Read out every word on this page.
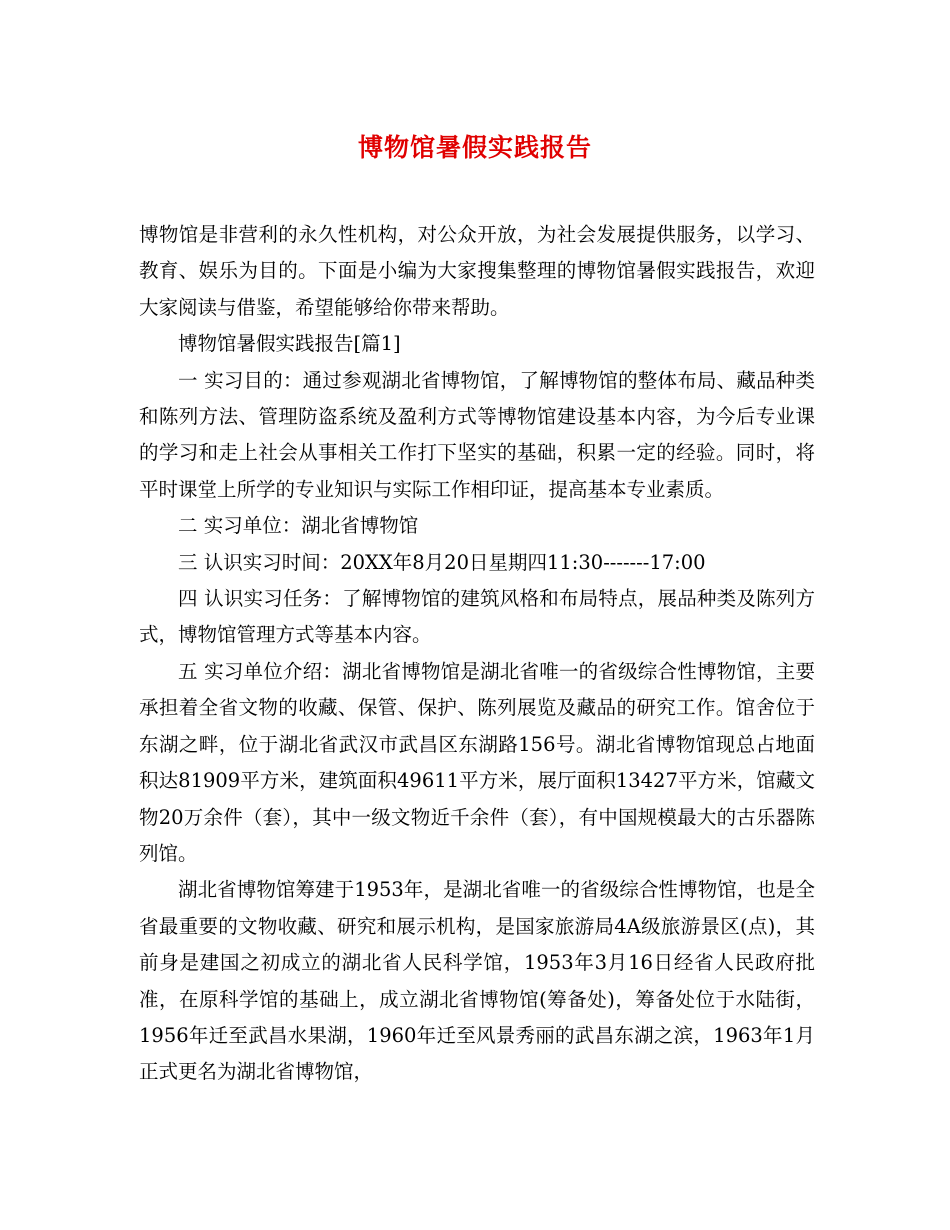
博物馆暑假实践报告

博物馆是非营利的永久性机构，对公众开放，为社会发展提供服务，以学习、教育、娱乐为目的。下面是小编为大家搜集整理的博物馆暑假实践报告，欢迎大家阅读与借鉴，希望能够给你带来帮助。

博物馆暑假实践报告[篇1]

一 实习目的：通过参观湖北省博物馆，了解博物馆的整体布局、藏品种类和陈列方法、管理防盗系统及盈利方式等博物馆建设基本内容，为今后专业课的学习和走上社会从事相关工作打下坚实的基础，积累一定的经验。同时，将平时课堂上所学的专业知识与实际工作相印证，提高基本专业素质。

二 实习单位：湖北省博物馆

三 认识实习时间：20XX年8月20日星期四11:30-------17:00

四 认识实习任务：了解博物馆的建筑风格和布局特点，展品种类及陈列方式，博物馆管理方式等基本内容。

五 实习单位介绍：湖北省博物馆是湖北省唯一的省级综合性博物馆，主要承担着全省文物的收藏、保管、保护、陈列展览及藏品的研究工作。馆舍位于东湖之畔，位于湖北省武汉市武昌区东湖路156号。湖北省博物馆现总占地面积达81909平方米，建筑面积49611平方米，展厅面积13427平方米，馆藏文物20万余件（套），其中一级文物近千余件（套），有中国规模最大的古乐器陈列馆。

湖北省博物馆筹建于1953年，是湖北省唯一的省级综合性博物馆，也是全省最重要的文物收藏、研究和展示机构，是国家旅游局4A级旅游景区(点)，其前身是建国之初成立的湖北省人民科学馆，1953年3月16日经省人民政府批准，在原科学馆的基础上，成立湖北省博物馆(筹备处)，筹备处位于水陆街，1956年迁至武昌水果湖，1960年迁至风景秀丽的武昌东湖之滨，1963年1月正式更名为湖北省博物馆，
